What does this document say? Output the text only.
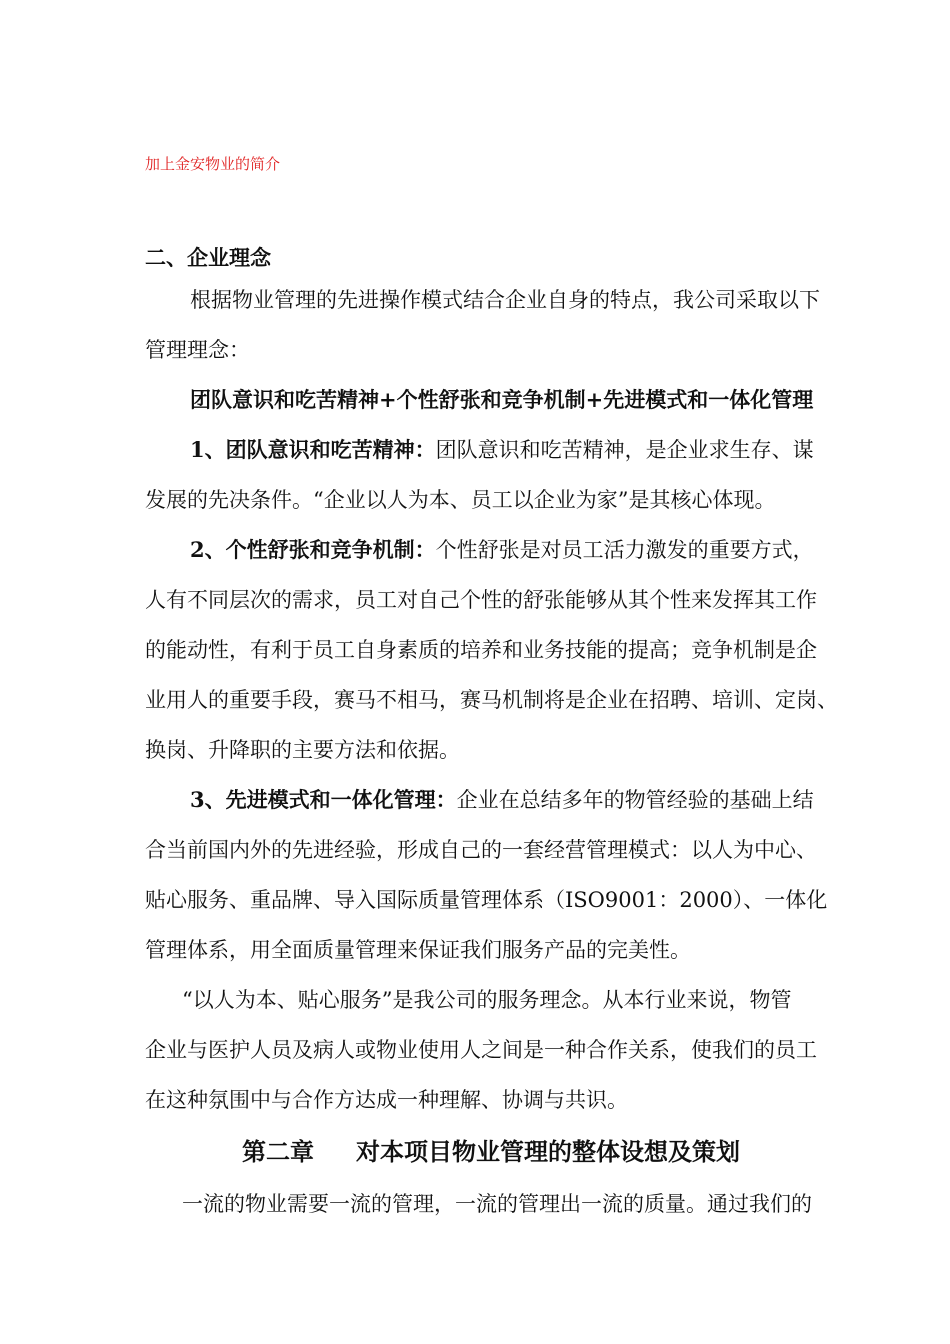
加上金安物业的简介
二、企业理念
根据物业管理的先进操作模式结合企业自身的特点，我公司采取以下
管理理念：
团队意识和吃苦精神+个性舒张和竞争机制+先进模式和一体化管理
1、团队意识和吃苦精神：团队意识和吃苦精神，是企业求生存、谋
发展的先决条件。“企业以人为本、员工以企业为家”是其核心体现。
2、个性舒张和竞争机制：个性舒张是对员工活力激发的重要方式，
人有不同层次的需求，员工对自己个性的舒张能够从其个性来发挥其工作
的能动性，有利于员工自身素质的培养和业务技能的提高；竞争机制是企
业用人的重要手段，赛马不相马，赛马机制将是企业在招聘、培训、定岗、
换岗、升降职的主要方法和依据。
3、先进模式和一体化管理：企业在总结多年的物管经验的基础上结
合当前国内外的先进经验，形成自己的一套经营管理模式：以人为中心、
贴心服务、重品牌、导入国际质量管理体系（ISO9001：2000）、一体化
管理体系，用全面质量管理来保证我们服务产品的完美性。
“以人为本、贴心服务”是我公司的服务理念。从本行业来说，物管
企业与医护人员及病人或物业使用人之间是一种合作关系，使我们的员工
在这种氛围中与合作方达成一种理解、协调与共识。
第二章 对本项目物业管理的整体设想及策划
一流的物业需要一流的管理，一流的管理出一流的质量。通过我们的
